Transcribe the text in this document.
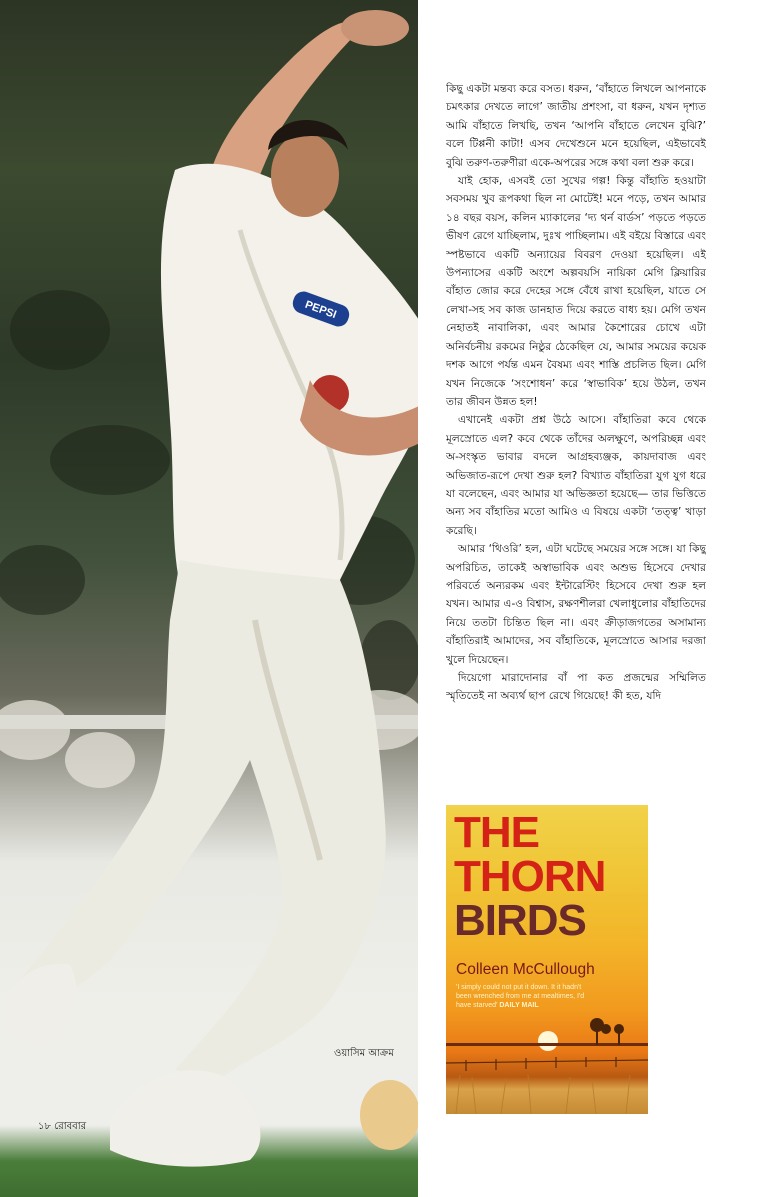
PEPSI
ওয়াসিম আক্রম
১৮ রোববার

কিছু একটা মন্তব্য করে বসত। ধরুন, ‘বাঁহাতে লিখলে আপনাকে চমৎকার দেখতে লাগে’ জাতীয় প্রশংসা, বা ধরুন, যখন দৃশ্যত আমি বাঁহাতে লিখছি, তখন ‘আপনি বাঁহাতে লেখেন বুঝি?’ বলে টিপ্পনী কাটা! এসব দেখেশুনে মনে হয়েছিল, এইভাবেই বুঝি তরুণ-তরুণীরা একে-অপরের সঙ্গে কথা বলা শুরু করে।

যাই হোক, এসবই তো সুখের গল্প! কিন্তু বাঁহাতি হওয়াটা সবসময় খুব রূপকথা ছিল না মোটেই! মনে পড়ে, তখন আমার ১৪ বছর বয়স, কলিন ম্যাকালের ‘দ্য থর্ন বার্ডস’ পড়তে পড়তে ভীষণ রেগে যাচ্ছিলাম, দুঃখ পাচ্ছিলাম। এই বইয়ে বিস্তারে এবং স্পষ্টভাবে একটি অন্যায়ের বিবরণ দেওয়া হয়েছিল। এই উপন্যাসের একটি অংশে অল্পবয়সি নায়িকা মেগি ক্লিয়ারির বাঁহাত জোর করে দেহের সঙ্গে বেঁধে রাখা হয়েছিল, যাতে সে লেখা-সহ সব কাজ ডানহাত দিয়ে করতে বাধ্য হয়। মেগি তখন নেহাতই নাবালিকা, এবং আমার কৈশোরের চোখে এটা অনির্বচনীয় রকমের নিষ্ঠুর ঠেকেছিল যে, আমার সময়ের কয়েক দশক আগে পর্যন্ত এমন বৈষম্য এবং শাস্তি প্রচলিত ছিল। মেগি যখন নিজেকে ‘সংশোধন’ করে ‘স্বাভাবিক’ হয়ে উঠল, তখন তার জীবন উন্নত হল!

এখানেই একটা প্রশ্ন উঠে আসে। বাঁহাতিরা কবে থেকে মূলস্রোতে এল? কবে থেকে তাঁদের অলক্ষুণে, অপরিচ্ছন্ন এবং অ-সংস্কৃত ভাবার বদলে আগ্রহব্যঞ্জক, কায়দাবাজ এবং অভিজাত-রূপে দেখা শুরু হল? বিখ্যাত বাঁহাতিরা যুগ যুগ ধরে যা বলেছেন, এবং আমার যা অভিজ্ঞতা হয়েছে— তার ভিত্তিতে অন্য সব বাঁহাতির মতো আমিও এ বিষয়ে একটা ‘তত্ত্ব’ খাড়া করেছি।

আমার ‘থিওরি’ হল, এটা ঘটেছে সময়ের সঙ্গে সঙ্গে। যা কিছু অপরিচিত, তাকেই অস্বাভাবিক এবং অশুভ হিসেবে দেখার পরিবর্তে অন্যরকম এবং ইন্টারেস্টিং হিসেবে দেখা শুরু হল যখন। আমার এ-ও বিশ্বাস, রক্ষণশীলরা খেলাধুলোর বাঁহাতিদের নিয়ে ততটা চিন্তিত ছিল না। এবং ক্রীড়াজগতের অসামান্য বাঁহাতিরাই আমাদের, সব বাঁহাতিকে, মূলস্রোতে আসার দরজা খুলে দিয়েছেন।

দিয়েগো মারাদোনার বাঁ পা কত প্রজন্মের সম্মিলিত স্মৃতিতেই না অব্যর্থ ছাপ রেখে গিয়েছে! কী হত, যদি

THE
THORN
BIRDS
Colleen McCullough
'I simply could not put it down. It it hadn't been wrenched from me at mealtimes, I'd have starved' DAILY MAIL
